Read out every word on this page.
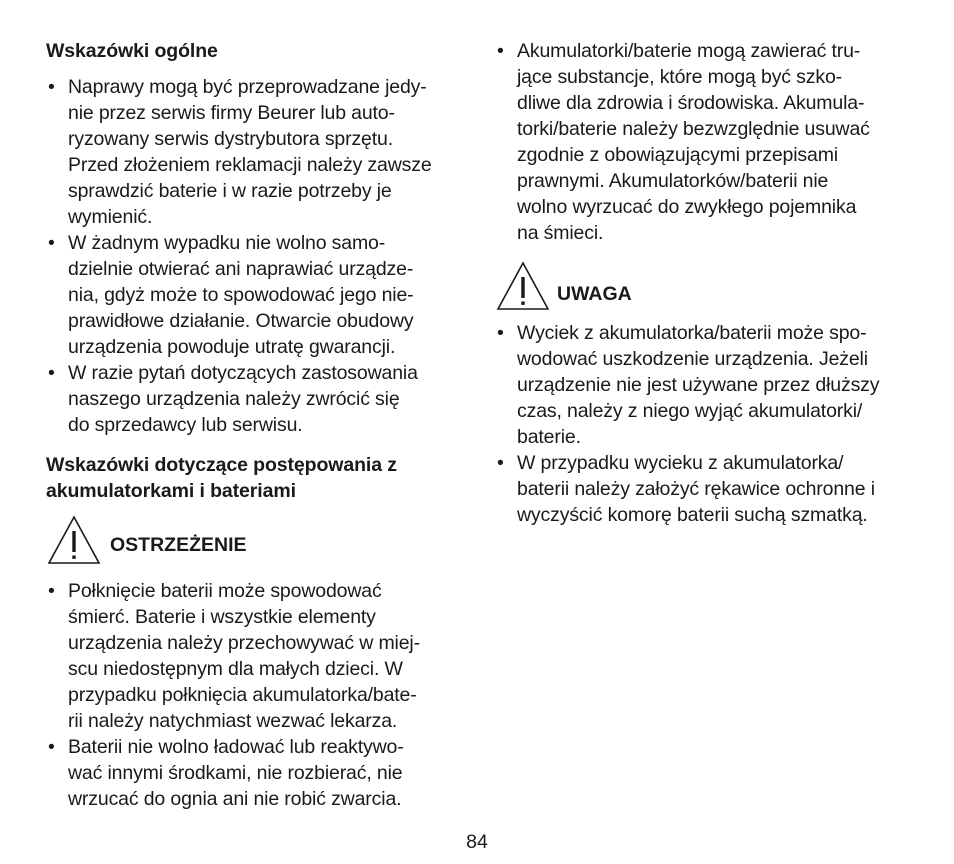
Wskazówki ogólne
• Naprawy mogą być przeprowadzane jedy-
nie przez serwis firmy Beurer lub auto-
ryzowany serwis dystrybutora sprzętu.
Przed złożeniem reklamacji należy zawsze
sprawdzić baterie i w razie potrzeby je
wymienić.
• W żadnym wypadku nie wolno samo-
dzielnie otwierać ani naprawiać urządze-
nia, gdyż może to spowodować jego nie-
prawidłowe działanie. Otwarcie obudowy
urządzenia powoduje utratę gwarancji.
• W razie pytań dotyczących zastosowania
naszego urządzenia należy zwrócić się
do sprzedawcy lub serwisu.
Wskazówki dotyczące postępowania z
akumulatorkami i bateriami
OSTRZEŻENIE
• Połknięcie baterii może spowodować
śmierć. Baterie i wszystkie elementy
urządzenia należy przechowywać w miej-
scu niedostępnym dla małych dzieci. W
przypadku połknięcia akumulatorka/bate-
rii należy natychmiast wezwać lekarza.
• Baterii nie wolno ładować lub reaktywo-
wać innymi środkami, nie rozbierać, nie
wrzucać do ognia ani nie robić zwarcia.
• Akumulatorki/baterie mogą zawierać tru-
jące substancje, które mogą być szko-
dliwe dla zdrowia i środowiska. Akumula-
torki/baterie należy bezwzględnie usuwać
zgodnie z obowiązującymi przepisami
prawnymi. Akumulatorków/baterii nie
wolno wyrzucać do zwykłego pojemnika
na śmieci.
UWAGA
• Wyciek z akumulatorka/baterii może spo-
wodować uszkodzenie urządzenia. Jeżeli
urządzenie nie jest używane przez dłuższy
czas, należy z niego wyjąć akumulatorki/
baterie.
• W przypadku wycieku z akumulatorka/
baterii należy założyć rękawice ochronne i
wyczyścić komorę baterii suchą szmatką.
84
